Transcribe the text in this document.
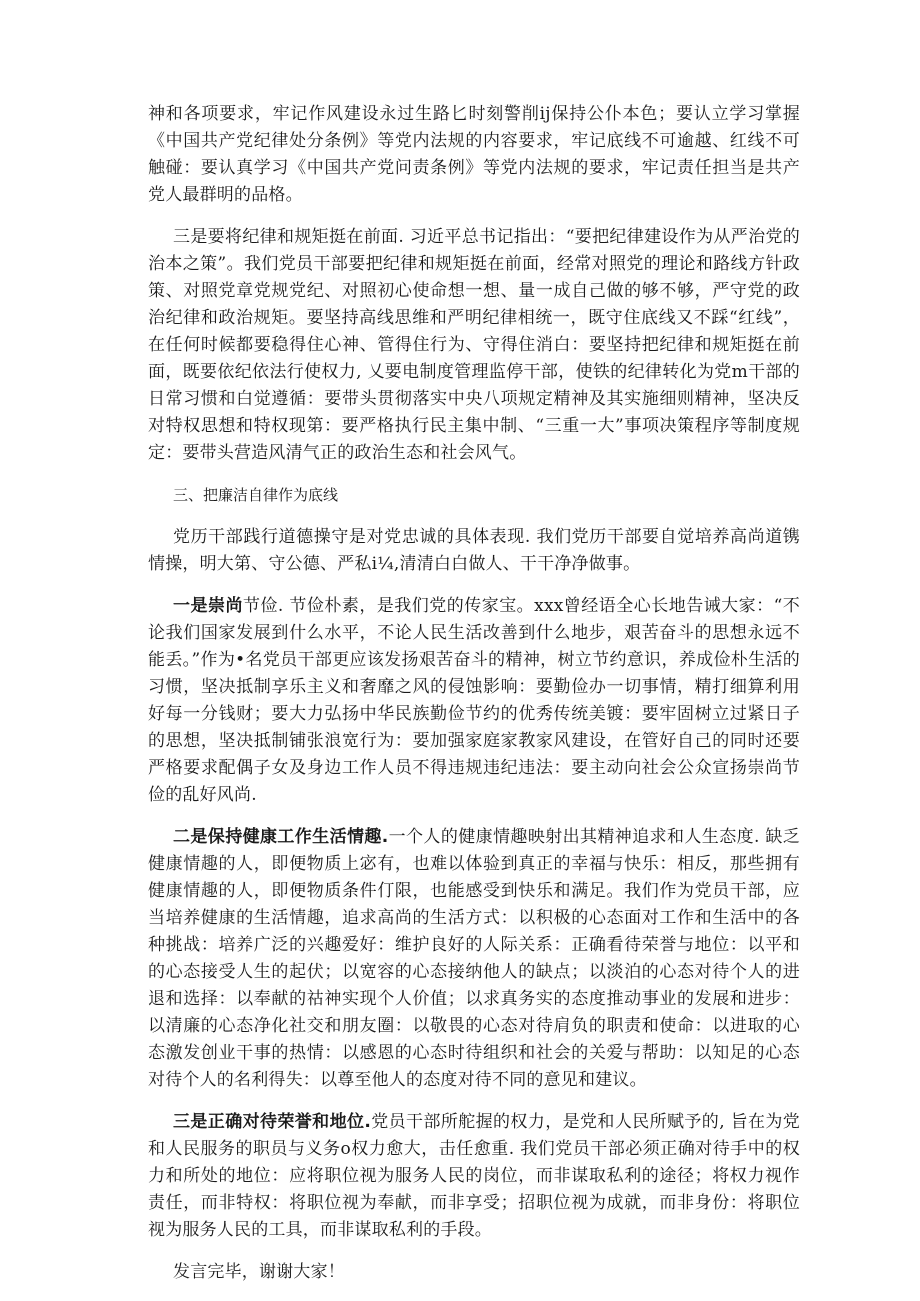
神和各项要求，牢记作风建设永过生路匕时刻警削ij保持公仆本色；要认立学习掌握《中国共产党纪律处分条例》等党内法规的内容要求，牢记底线不可逾越、红线不可触碰：要认真学习《中国共产党问责条例》等党内法规的要求，牢记责任担当是共产党人最群明的品格。

三是要将纪律和规矩挺在前面. 习近平总书记指出：“要把纪律建设作为从严治党的治本之策”。我们党员干部要把纪律和规矩挺在前面，经常对照党的理论和路线方针政策、对照党章党规党纪、对照初心使命想一想、量一成自己做的够不够，严守党的政治纪律和政治规矩。要坚持高线思维和严明纪律相统一，既守住底线又不踩“红线”，在任何时候都要稳得住心神、管得住行为、守得住消白：要坚持把纪律和规矩挺在前面，既要依纪依法行使权力, 乂要电制度管理监停干部，使铁的纪律转化为党m干部的日常习惯和白觉遵循：要带头贯彻落实中央八项规定精神及其实施细则精神，坚决反对特权思想和特权现第：要严格执行民主集中制、“三重一大”事项决策程序等制度规定：要带头营造风清气正的政治生态和社会风气。

三、把廉洁自律作为底线

党历干部践行道德操守是对党忠诚的具体表现. 我们党历干部要自觉培养高尚道镌情操，明大第、守公德、严私i¼,清清白白做人、干干净净做事。

一是崇尚节俭. 节俭朴素，是我们党的传家宝。xxx曾经语全心长地告诫大家：“不论我们国家发展到什么水平，不论人民生活改善到什么地步，艰苦奋斗的思想永远不能丢。”作为•名党员干部更应该发扬艰苦奋斗的精神，树立节约意识，养成俭朴生活的习惯，坚决抵制享乐主义和奢靡之风的侵蚀影响：要勤俭办一切事情，精打细算利用好每一分钱财；要大力弘扬中华民族勤俭节约的优秀传统美镀：要牢固树立过紧日子的思想，坚决抵制铺张浪宽行为：要加强家庭家教家风建设，在管好自己的同时还要严格要求配偶子女及身边工作人员不得违规违纪违法：要主动向社会公众宣扬崇尚节俭的乱好风尚.

二是保持健康工作生活情趣.一个人的健康情趣映射出其精神追求和人生态度. 缺乏健康情趣的人，即便物质上宓有，也难以体验到真正的幸福与快乐：相反，那些拥有健康情趣的人，即便物质条件仃限，也能感受到快乐和满足。我们作为党员干部，应当培养健康的生活情趣，追求高尚的生活方式：以积极的心态面对工作和生活中的各种挑战：培养广泛的兴趣爱好：维护良好的人际关系：正确看待荣誉与地位：以平和的心态接受人生的起伏；以宽容的心态接纳他人的缺点；以淡泊的心态对待个人的进退和选择：以奉献的祜神实现个人价值；以求真务实的态度推动事业的发展和进步：以清廉的心态净化社交和朋友圈：以敬畏的心态对待肩负的职责和使命：以进取的心态激发创业干事的热情：以感恩的心态时待组织和社会的关爱与帮助：以知足的心态对待个人的名利得失：以尊至他人的态度对待不同的意见和建议。

三是正确对待荣誉和地位.党员干部所舵握的权力，是党和人民所赋予的, 旨在为党和人民服务的职员与义务o权力愈大，击任愈重. 我们党员干部必须正确对待手中的权力和所处的地位：应将职位视为服务人民的岗位，而非谋取私利的途径；将权力视作责任，而非特权：将职位视为奉献，而非享受；招职位视为成就，而非身份：将职位视为服务人民的工具，而非谋取私利的手段。

发言完毕，谢谢大家！
